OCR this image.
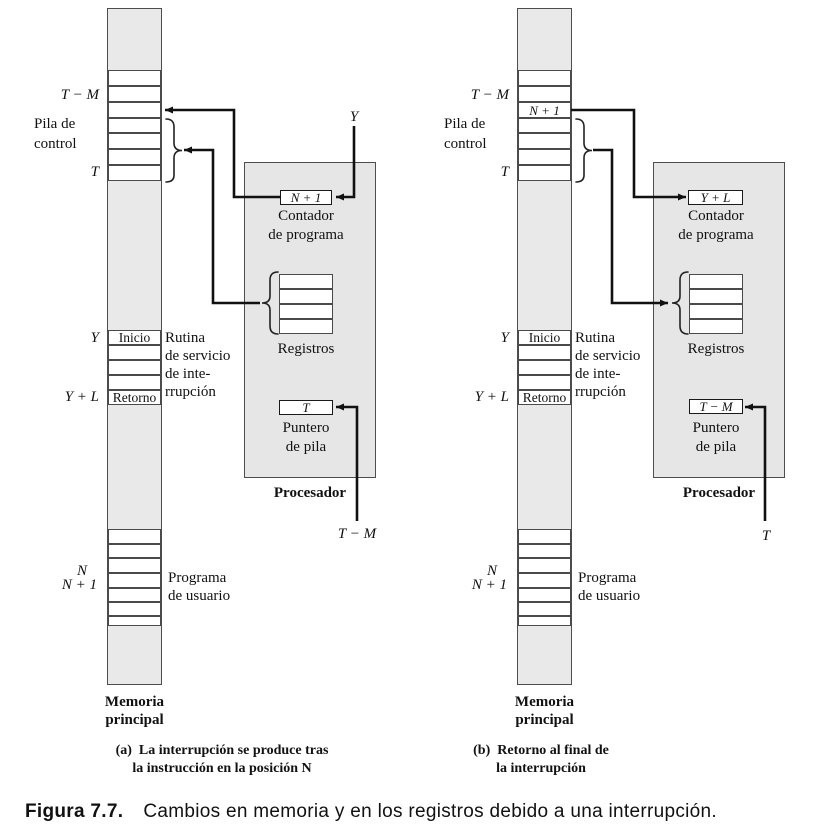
Inicio
Retorno
T − M
Pila de
control
T
Y	Rutina
de servicio
de inte-
rrupción
Y + L
N
N + 1	Programa
de usuario
Memoria
principal
N + 1
Contador
de programa
Registros
T
Puntero
de pila
Procesador
Y
T − M
(a)  La interrupción se produce tras
la instrucción en la posición N
N + 1
Inicio
Retorno
T − M
Pila de
control
T
Y	Rutina
de servicio
de inte-
rrupción
Y + L
N
N + 1	Programa
de usuario
Memoria
principal
Y + L
Contador
de programa
Registros
T − M
Puntero
de pila
Procesador
T
(b)  Retorno al final de
la interrupción
Figura 7.7. Cambios en memoria y en los registros debido a una interrupción.
